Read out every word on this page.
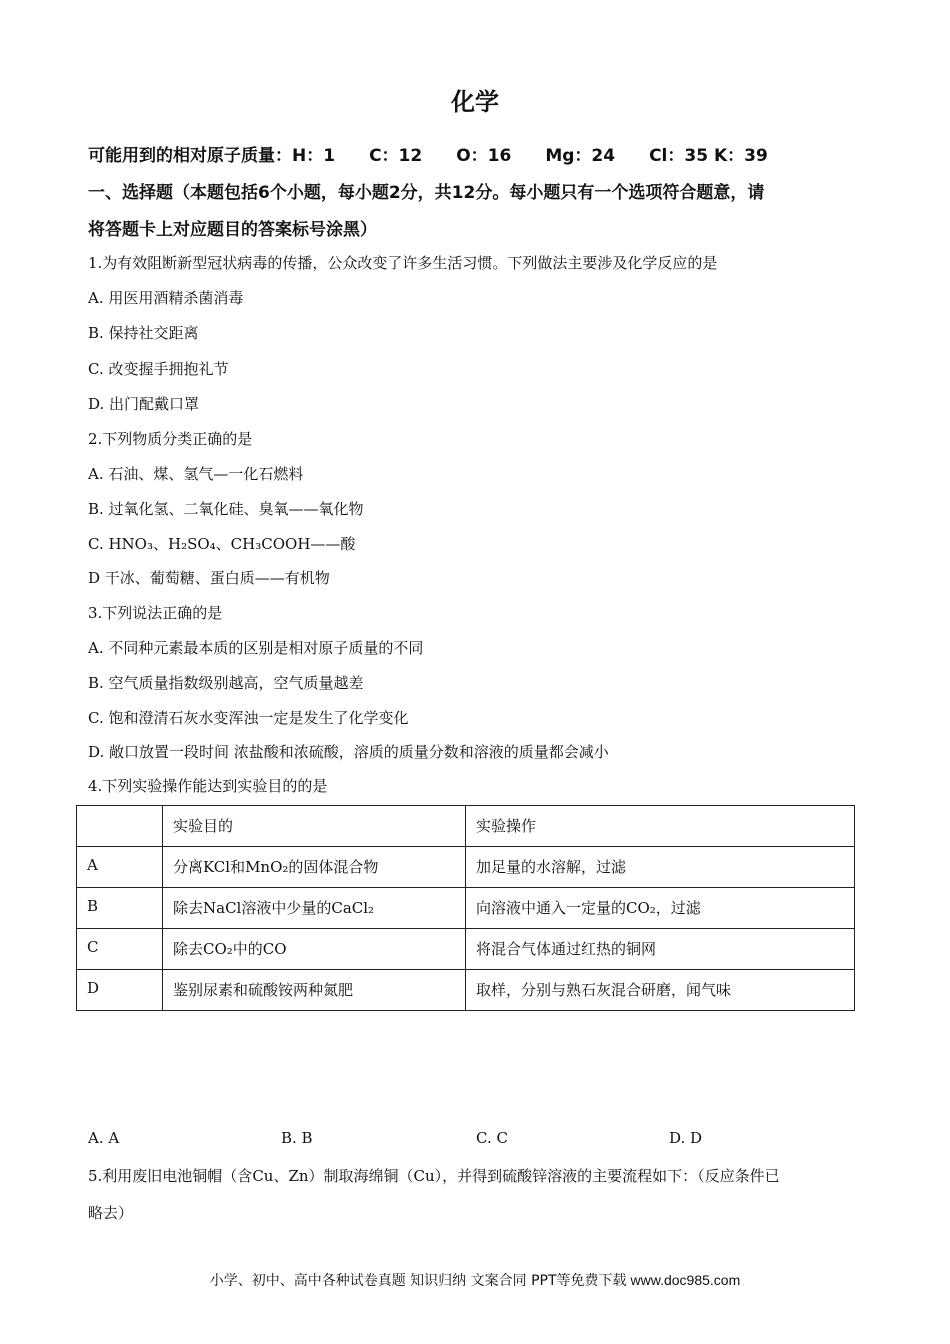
化学
可能用到的相对原子质量：H：1 C：12 O：16 Mg：24 Cl：35 K：39
一、选择题（本题包括6个小题，每小题2分，共12分。每小题只有一个选项符合题意，请
将答题卡上对应题目的答案标号涂黑）
1.为有效阻断新型冠状病毒的传播，公众改变了许多生活习惯。下列做法主要涉及化学反应的是
A. 用医用酒精杀菌消毒
B. 保持社交距离
C. 改变握手拥抱礼节
D. 出门配戴口罩
2.下列物质分类正确的是
A. 石油、煤、氢气—一化石燃料
B. 过氧化氢、二氧化硅、臭氧——氧化物
C. HNO₃、H₂SO₄、CH₃COOH——酸
D 干冰、葡萄糖、蛋白质——有机物
3.下列说法正确的是
A. 不同种元素最本质的区别是相对原子质量的不同
B. 空气质量指数级别越高，空气质量越差
C. 饱和澄清石灰水变浑浊一定是发生了化学变化
D. 敞口放置一段时间 浓盐酸和浓硫酸，溶质的质量分数和溶液的质量都会减小
4.下列实验操作能达到实验目的的是
	实验目的	实验操作
A	分离KCl和MnO₂的固体混合物	加足量的水溶解，过滤
B	除去NaCl溶液中少量的CaCl₂	向溶液中通入一定量的CO₂，过滤
C	除去CO₂中的CO	将混合气体通过红热的铜网
D	鉴别尿素和硫酸铵两种氮肥	取样，分别与熟石灰混合研磨，闻气味
A. A	B. B	C. C	D. D
5.利用废旧电池铜帽（含Cu、Zn）制取海绵铜（Cu），并得到硫酸锌溶液的主要流程如下：（反应条件已
略去）
小学、初中、高中各种试卷真题 知识归纳 文案合同 PPT等免费下载 www.doc985.com
